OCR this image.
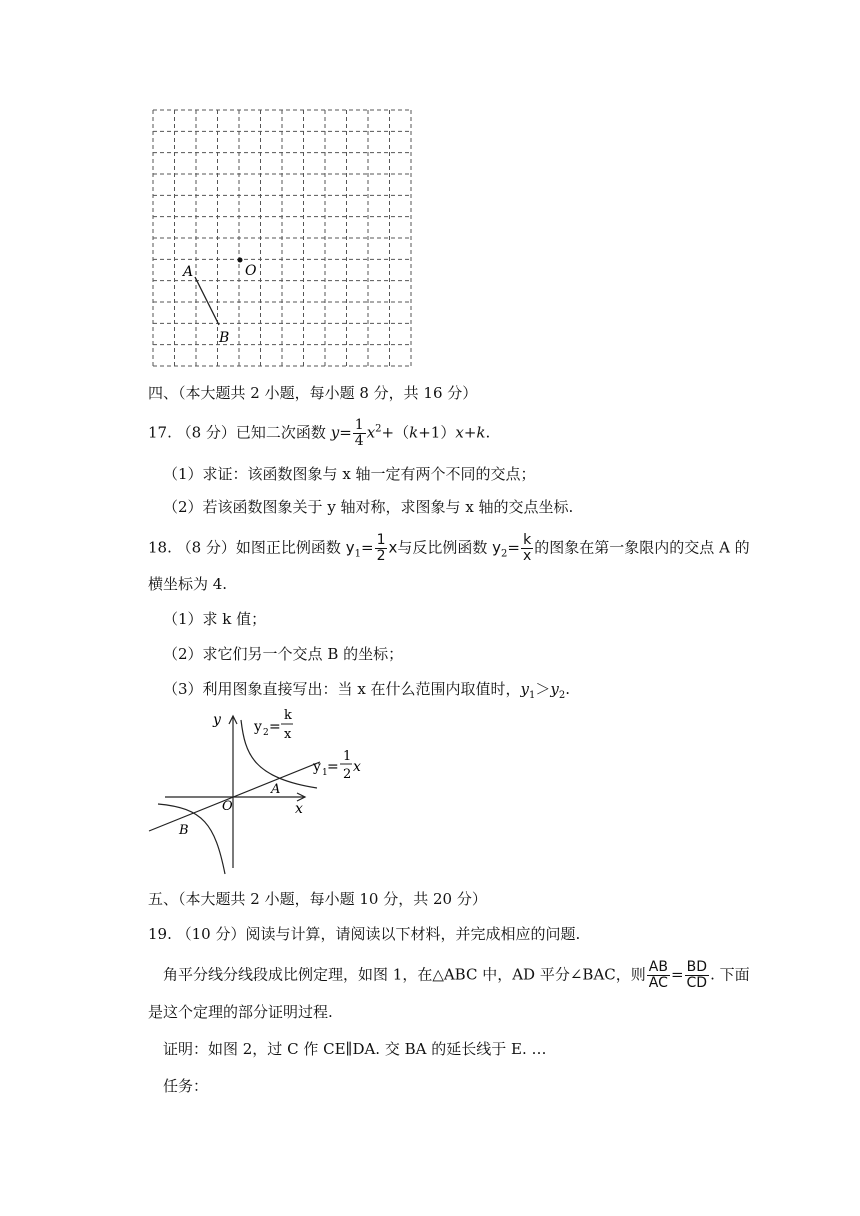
O
A
B
四、（本大题共 2 小题，每小题 8 分，共 16 分）
17. （8 分）已知二次函数 $y= \frac{1}{4} x^2+(k+1)x+k$.
（1）求证：该函数图象与 x 轴一定有两个不同的交点；
（2）若该函数图象关于 y 轴对称，求图象与 x 轴的交点坐标.
18. （8 分）如图正比例函数 $y_1= \frac{1}{2}$ x与反比例函数 $y_2= \frac{k}{x}$ 的图象在第一象限内的交点 A 的
横坐标为 4.
（1）求 k 值；
（2）求它们另一个交点 B 的坐标；
（3）利用图象直接写出：当 x 在什么范围内取值时，$y_1>y_2$.
y
x
O
A
B
y 2 =
k
x
y 1 =
1
2 x
五、（本大题共 2 小题，每小题 10 分，共 20 分）
19. （10 分）阅读与计算，请阅读以下材料，并完成相应的问题.
角平分线分线段成比例定理，如图 1，在△ABC 中，AD 平分∠BAC，则 $\frac{AB}{AC} = \frac{BD}{CD}$ . 下面
是这个定理的部分证明过程.
证明：如图 2，过 C 作 CE∥DA. 交 BA 的延长线于 E. …
任务：
